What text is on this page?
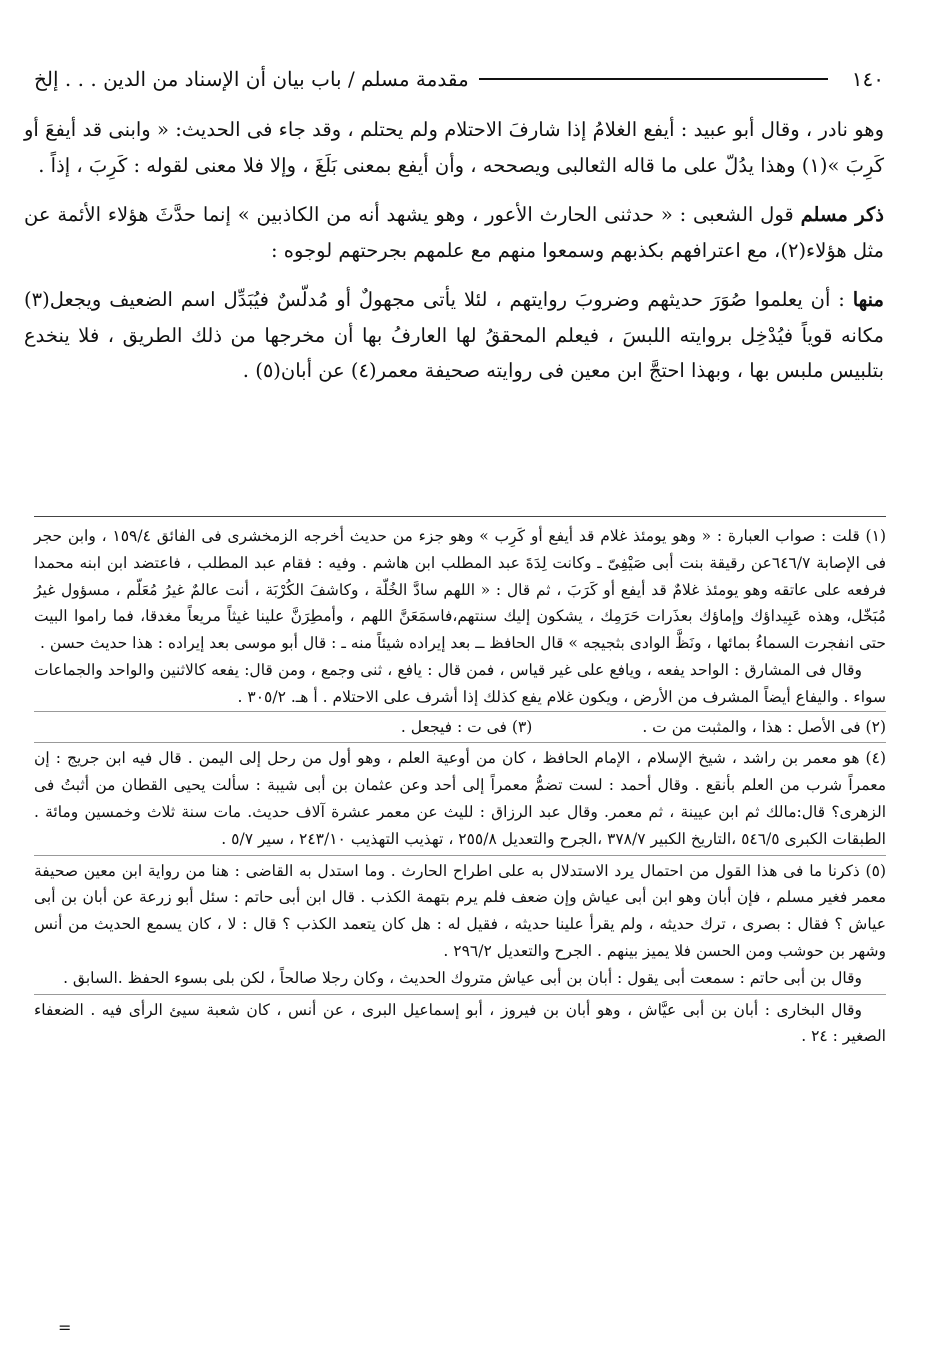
١٤٠
مقدمة مسلم / باب بيان أن الإسناد من الدين . . . إلخ

وهو نادر ، وقال أبو عبيد : أيفع الغلامُ إذا شارفَ الاحتلام ولم يحتلم ، وقد جاء فى الحديث: « وابنى قد أيفعَ أو كَرِبَ »(١) وهذا يدُلّ على ما قاله الثعالبى ويصححه ، وأن أيفع بمعنى بَلَغَ ، وإلا فلا معنى لقوله : كَرِبَ ، إذاً .

ذكر مسلم قول الشعبى : « حدثنى الحارث الأعور ، وهو يشهد أنه من الكاذبين » إنما حدَّثَ هؤلاء الأئمة عن مثل هؤلاء(٢)، مع اعترافهم بكذبهم وسمعوا منهم مع علمهم بجرحتهم لوجوه :

منها : أن يعلموا صُوَرَ حديثهم وضروبَ روايتهم ، لئلا يأتى مجهولٌ أو مُدلّسٌ فيُبَدِّل اسم الضعيف ويجعل(٣) مكانه قوياً فيُدْخِل بروايته اللبسَ ، فيعلم المحققُ لها العارفُ بها أن مخرجها من ذلك الطريق ، فلا ينخدع بتلبيس ملبس بها ، وبهذا احتجَّ ابن معين فى روايته صحيفة معمر(٤) عن أبان(٥) .

(١) قلت : صواب العبارة : « وهو يومئذ غلام قد أيفع أو كَرِب » وهو جزء من حديث أخرجه الزمخشرى فى الفائق ١٥٩/٤ ، وابن حجر فى الإصابة ٦٤٦/٧عن رقيقة بنت أبى صَيْفِىّ ـ وكانت لِدَةَ عبد المطلب ابن هاشم . وفيه : فقام عبد المطلب ، فاعتضد ابن ابنه محمدا فرفعه على عاتقه وهو يومئذ غلامٌ قد أيفع أو كَرَبَ ، ثم قال : « اللهم سادَّ الخُلّة ، وكاشفَ الكُرْبَة ، أنت عالمٌ غيرُ مُعَلّم ، مسؤول غيرُ مُبَخّل، وهذه عَبِيداؤك وإماؤك بعذَرات حَرَمِك ، يشكون إليك سنتهم،فاسمَعَنَّ اللهم ، وأمطِرَنَّ علينا غيثاً مريعاً مغدقا، فما راموا البيت حتى انفجرت السماءُ بمائها ، ونَظَّ الوادى بثجيجه » قال الحافظ ــ بعد إيراده شيئاً منه ـ : قال أبو موسى بعد إيراده : هذا حديث حسن .

وقال فى المشارق : الواحد يفعه ، ويافع على غير قياس ، فمن قال : يافع ، ثنى وجمع ، ومن قال: يفعه كالاثنين والواحد والجماعات سواء . واليفاع أيضاً المشرف من الأرض ، ويكون غلام يفع كذلك إذا أشرف على الاحتلام . أ هـ. ٣٠٥/٢ .

(٢) فى الأصل : هذا ، والمثبت من ت .
(٣) فى ت : فيجعل .

(٤) هو معمر بن راشد ، شيخ الإسلام ، الإمام الحافظ ، كان من أوعية العلم ، وهو أول من رحل إلى اليمن . قال فيه ابن جريج : إن معمراً شرب من العلم بأنقع . وقال أحمد : لست تضمُّ معمراً إلى أحد وعن عثمان بن أبى شيبة : سألت يحيى القطان من أثبتُ فى الزهرى؟ قال:مالك ثم ابن عيينة ، ثم معمر. وقال عبد الرزاق : لليث عن معمر عشرة آلاف حديث. مات سنة ثلاث وخمسين ومائة . الطبقات الكبرى ٥٤٦/٥ ،التاريخ الكبير ٣٧٨/٧ ،الجرح والتعديل ٢٥٥/٨ ، تهذيب التهذيب ٢٤٣/١٠ ، سير ٥/٧ .

(٥) ذكرنا ما فى هذا القول من احتمال يرد الاستدلال به على اطراح الحارث . وما استدل به القاضى : هنا من رواية ابن معين صحيفة معمر فغير مسلم ، فإن أبان وهو ابن أبى عياش وإن ضعف فلم يرم بتهمة الكذب . قال ابن أبى حاتم : سئل أبو زرعة عن أبان بن أبى عياش ؟ فقال : بصرى ، ترك حديثه ، ولم يقرأ علينا حديثه ، فقيل له : هل كان يتعمد الكذب ؟ قال : لا ، كان يسمع الحديث من أنس وشهر بن حوشب ومن الحسن فلا يميز بينهم . الجرح والتعديل ٢٩٦/٢ .

وقال بن أبى حاتم : سمعت أبى يقول : أبان بن أبى عياش متروك الحديث ، وكان رجلا صالحاً ، لكن بلى بسوء الحفظ .السابق .

وقال البخارى : أبان بن أبى عيَّاش ، وهو أبان بن فيروز ، أبو إسماعيل البرى ، عن أنس ، كان شعبة سيئ الرأى فيه . الضعفاء الصغير : ٢٤ .

=
